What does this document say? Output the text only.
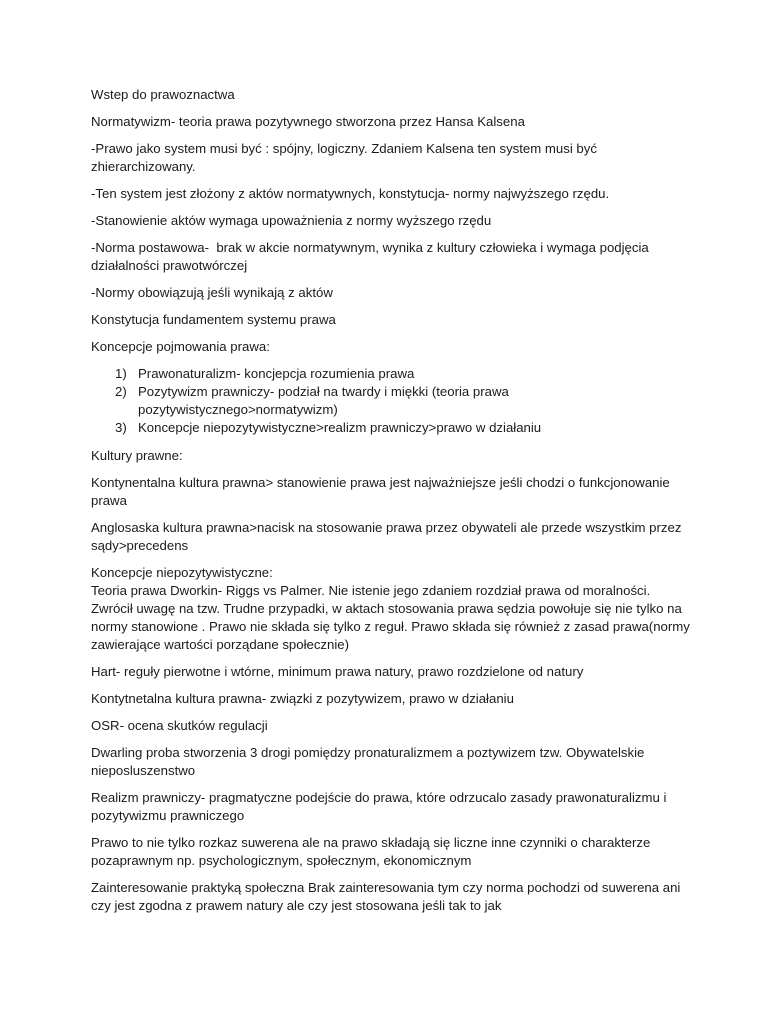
Wstep do prawoznactwa

Normatywizm- teoria prawa pozytywnego stworzona przez Hansa Kalsena

-Prawo jako system musi być : spójny, logiczny. Zdaniem Kalsena ten system musi być zhierarchizowany.

-Ten system jest złożony z aktów normatywnych, konstytucja- normy najwyższego rzędu.

-Stanowienie aktów wymaga upoważnienia z normy wyższego rzędu

-Norma postawowa-  brak w akcie normatywnym, wynika z kultury człowieka i wymaga podjęcia działalności prawotwórczej

-Normy obowiązują jeśli wynikają z aktów

Konstytucja fundamentem systemu prawa

Koncepcje pojmowania prawa:

1) Prawonaturalizm- koncjepcja rozumienia prawa
2) Pozytywizm prawniczy- podział na twardy i miękki (teoria prawa pozytywistycznego>normatywizm)
3) Koncepcje niepozytywistyczne>realizm prawniczy>prawo w działaniu

Kultury prawne:

Kontynentalna kultura prawna> stanowienie prawa jest najważniejsze jeśli chodzi o funkcjonowanie prawa

Anglosaska kultura prawna>nacisk na stosowanie prawa przez obywateli ale przede wszystkim przez sądy>precedens

Koncepcje niepozytywistyczne:
Teoria prawa Dworkin- Riggs vs Palmer. Nie istenie jego zdaniem rozdział prawa od moralności. Zwrócił uwagę na tzw. Trudne przypadki, w aktach stosowania prawa sędzia powołuje się nie tylko na normy stanowione . Prawo nie składa się tylko z reguł. Prawo składa się również z zasad prawa(normy zawierające wartości porządane społecznie)

Hart- reguły pierwotne i wtórne, minimum prawa natury, prawo rozdzielone od natury

Kontytnetalna kultura prawna- związki z pozytywizem, prawo w działaniu

OSR- ocena skutków regulacji

Dwarling proba stworzenia 3 drogi pomiędzy pronaturalizmem a poztywizem tzw. Obywatelskie nieposluszenstwo

Realizm prawniczy- pragmatyczne podejście do prawa, które odrzucalo zasady prawonaturalizmu i pozytywizmu prawniczego

Prawo to nie tylko rozkaz suwerena ale na prawo składają się liczne inne czynniki o charakterze pozaprawnym np. psychologicznym, społecznym, ekonomicznym

Zainteresowanie praktyką społeczna Brak zainteresowania tym czy norma pochodzi od suwerena ani czy jest zgodna z prawem natury ale czy jest stosowana jeśli tak to jak
